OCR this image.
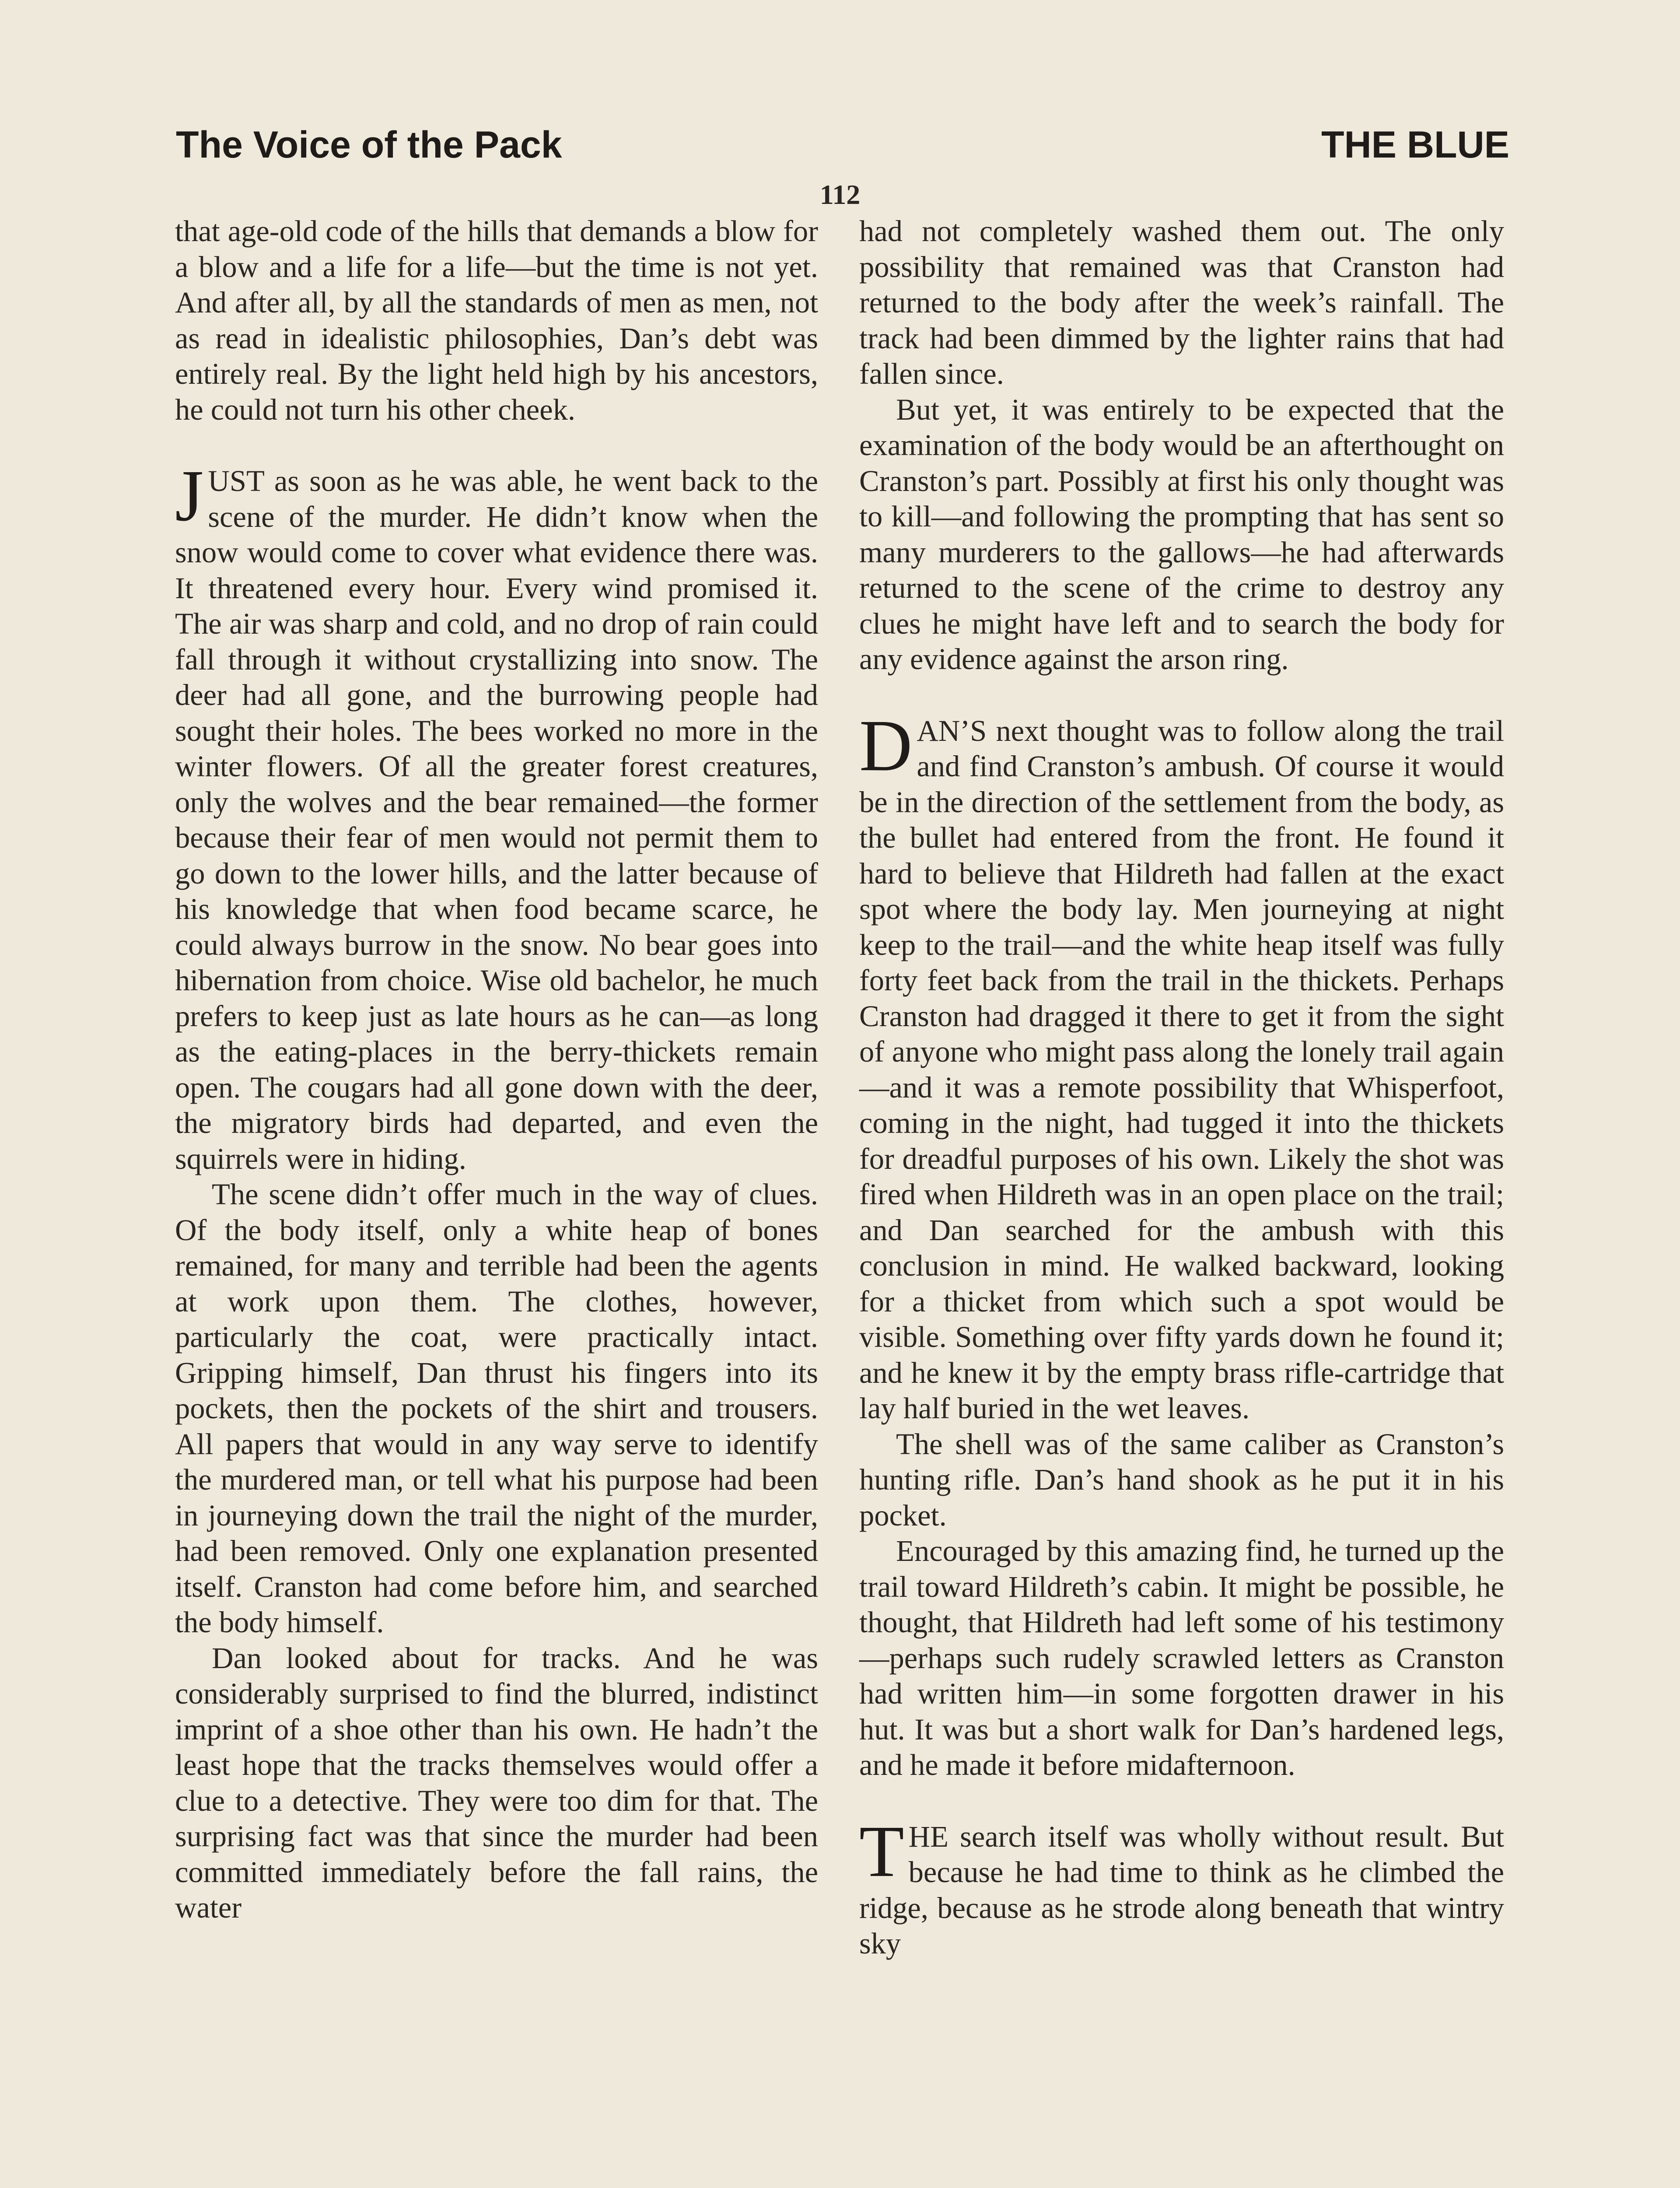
The Voice of the Pack	THE BLUE
112

that age-old code of the hills that demands a blow for a blow and a life for a life—but the time is not yet. And after all, by all the standards of men as men, not as read in idealistic philosophies, Dan’s debt was entirely real. By the light held high by his ancestors, he could not turn his other cheek.

JUST as soon as he was able, he went back to the scene of the murder. He didn’t know when the snow would come to cover what evidence there was. It threatened every hour. Every wind promised it. The air was sharp and cold, and no drop of rain could fall through it without crystallizing into snow. The deer had all gone, and the burrowing people had sought their holes. The bees worked no more in the winter flowers. Of all the greater forest creatures, only the wolves and the bear remained—the former because their fear of men would not permit them to go down to the lower hills, and the latter because of his knowledge that when food became scarce, he could always burrow in the snow. No bear goes into hibernation from choice. Wise old bachelor, he much prefers to keep just as late hours as he can—as long as the eating-places in the berry-thickets remain open. The cougars had all gone down with the deer, the migratory birds had departed, and even the squirrels were in hiding.

The scene didn’t offer much in the way of clues. Of the body itself, only a white heap of bones remained, for many and terrible had been the agents at work upon them. The clothes, however, particularly the coat, were practically intact. Gripping himself, Dan thrust his fingers into its pockets, then the pockets of the shirt and trousers. All papers that would in any way serve to identify the murdered man, or tell what his purpose had been in journeying down the trail the night of the murder, had been removed. Only one explanation presented itself. Cranston had come before him, and searched the body himself.

Dan looked about for tracks. And he was considerably surprised to find the blurred, indistinct imprint of a shoe other than his own. He hadn’t the least hope that the tracks themselves would offer a clue to a detective. They were too dim for that. The surprising fact was that since the murder had been committed immediately before the fall rains, the water

had not completely washed them out. The only possibility that remained was that Cranston had returned to the body after the week’s rainfall. The track had been dimmed by the lighter rains that had fallen since.

But yet, it was entirely to be expected that the examination of the body would be an afterthought on Cranston’s part. Possibly at first his only thought was to kill—and following the prompting that has sent so many murderers to the gallows—he had afterwards returned to the scene of the crime to destroy any clues he might have left and to search the body for any evidence against the arson ring.

DAN’S next thought was to follow along the trail and find Cranston’s ambush. Of course it would be in the direction of the settlement from the body, as the bullet had entered from the front. He found it hard to believe that Hildreth had fallen at the exact spot where the body lay. Men journeying at night keep to the trail—and the white heap itself was fully forty feet back from the trail in the thickets. Perhaps Cranston had dragged it there to get it from the sight of anyone who might pass along the lonely trail again—and it was a remote possibility that Whisperfoot, coming in the night, had tugged it into the thickets for dreadful purposes of his own. Likely the shot was fired when Hildreth was in an open place on the trail; and Dan searched for the ambush with this conclusion in mind. He walked backward, looking for a thicket from which such a spot would be visible. Something over fifty yards down he found it; and he knew it by the empty brass rifle-cartridge that lay half buried in the wet leaves.

The shell was of the same caliber as Cranston’s hunting rifle. Dan’s hand shook as he put it in his pocket.

Encouraged by this amazing find, he turned up the trail toward Hildreth’s cabin. It might be possible, he thought, that Hildreth had left some of his testimony—perhaps such rudely scrawled letters as Cranston had written him—in some forgotten drawer in his hut. It was but a short walk for Dan’s hardened legs, and he made it before midafternoon.

THE search itself was wholly without result. But because he had time to think as he climbed the ridge, because as he strode along beneath that wintry sky
